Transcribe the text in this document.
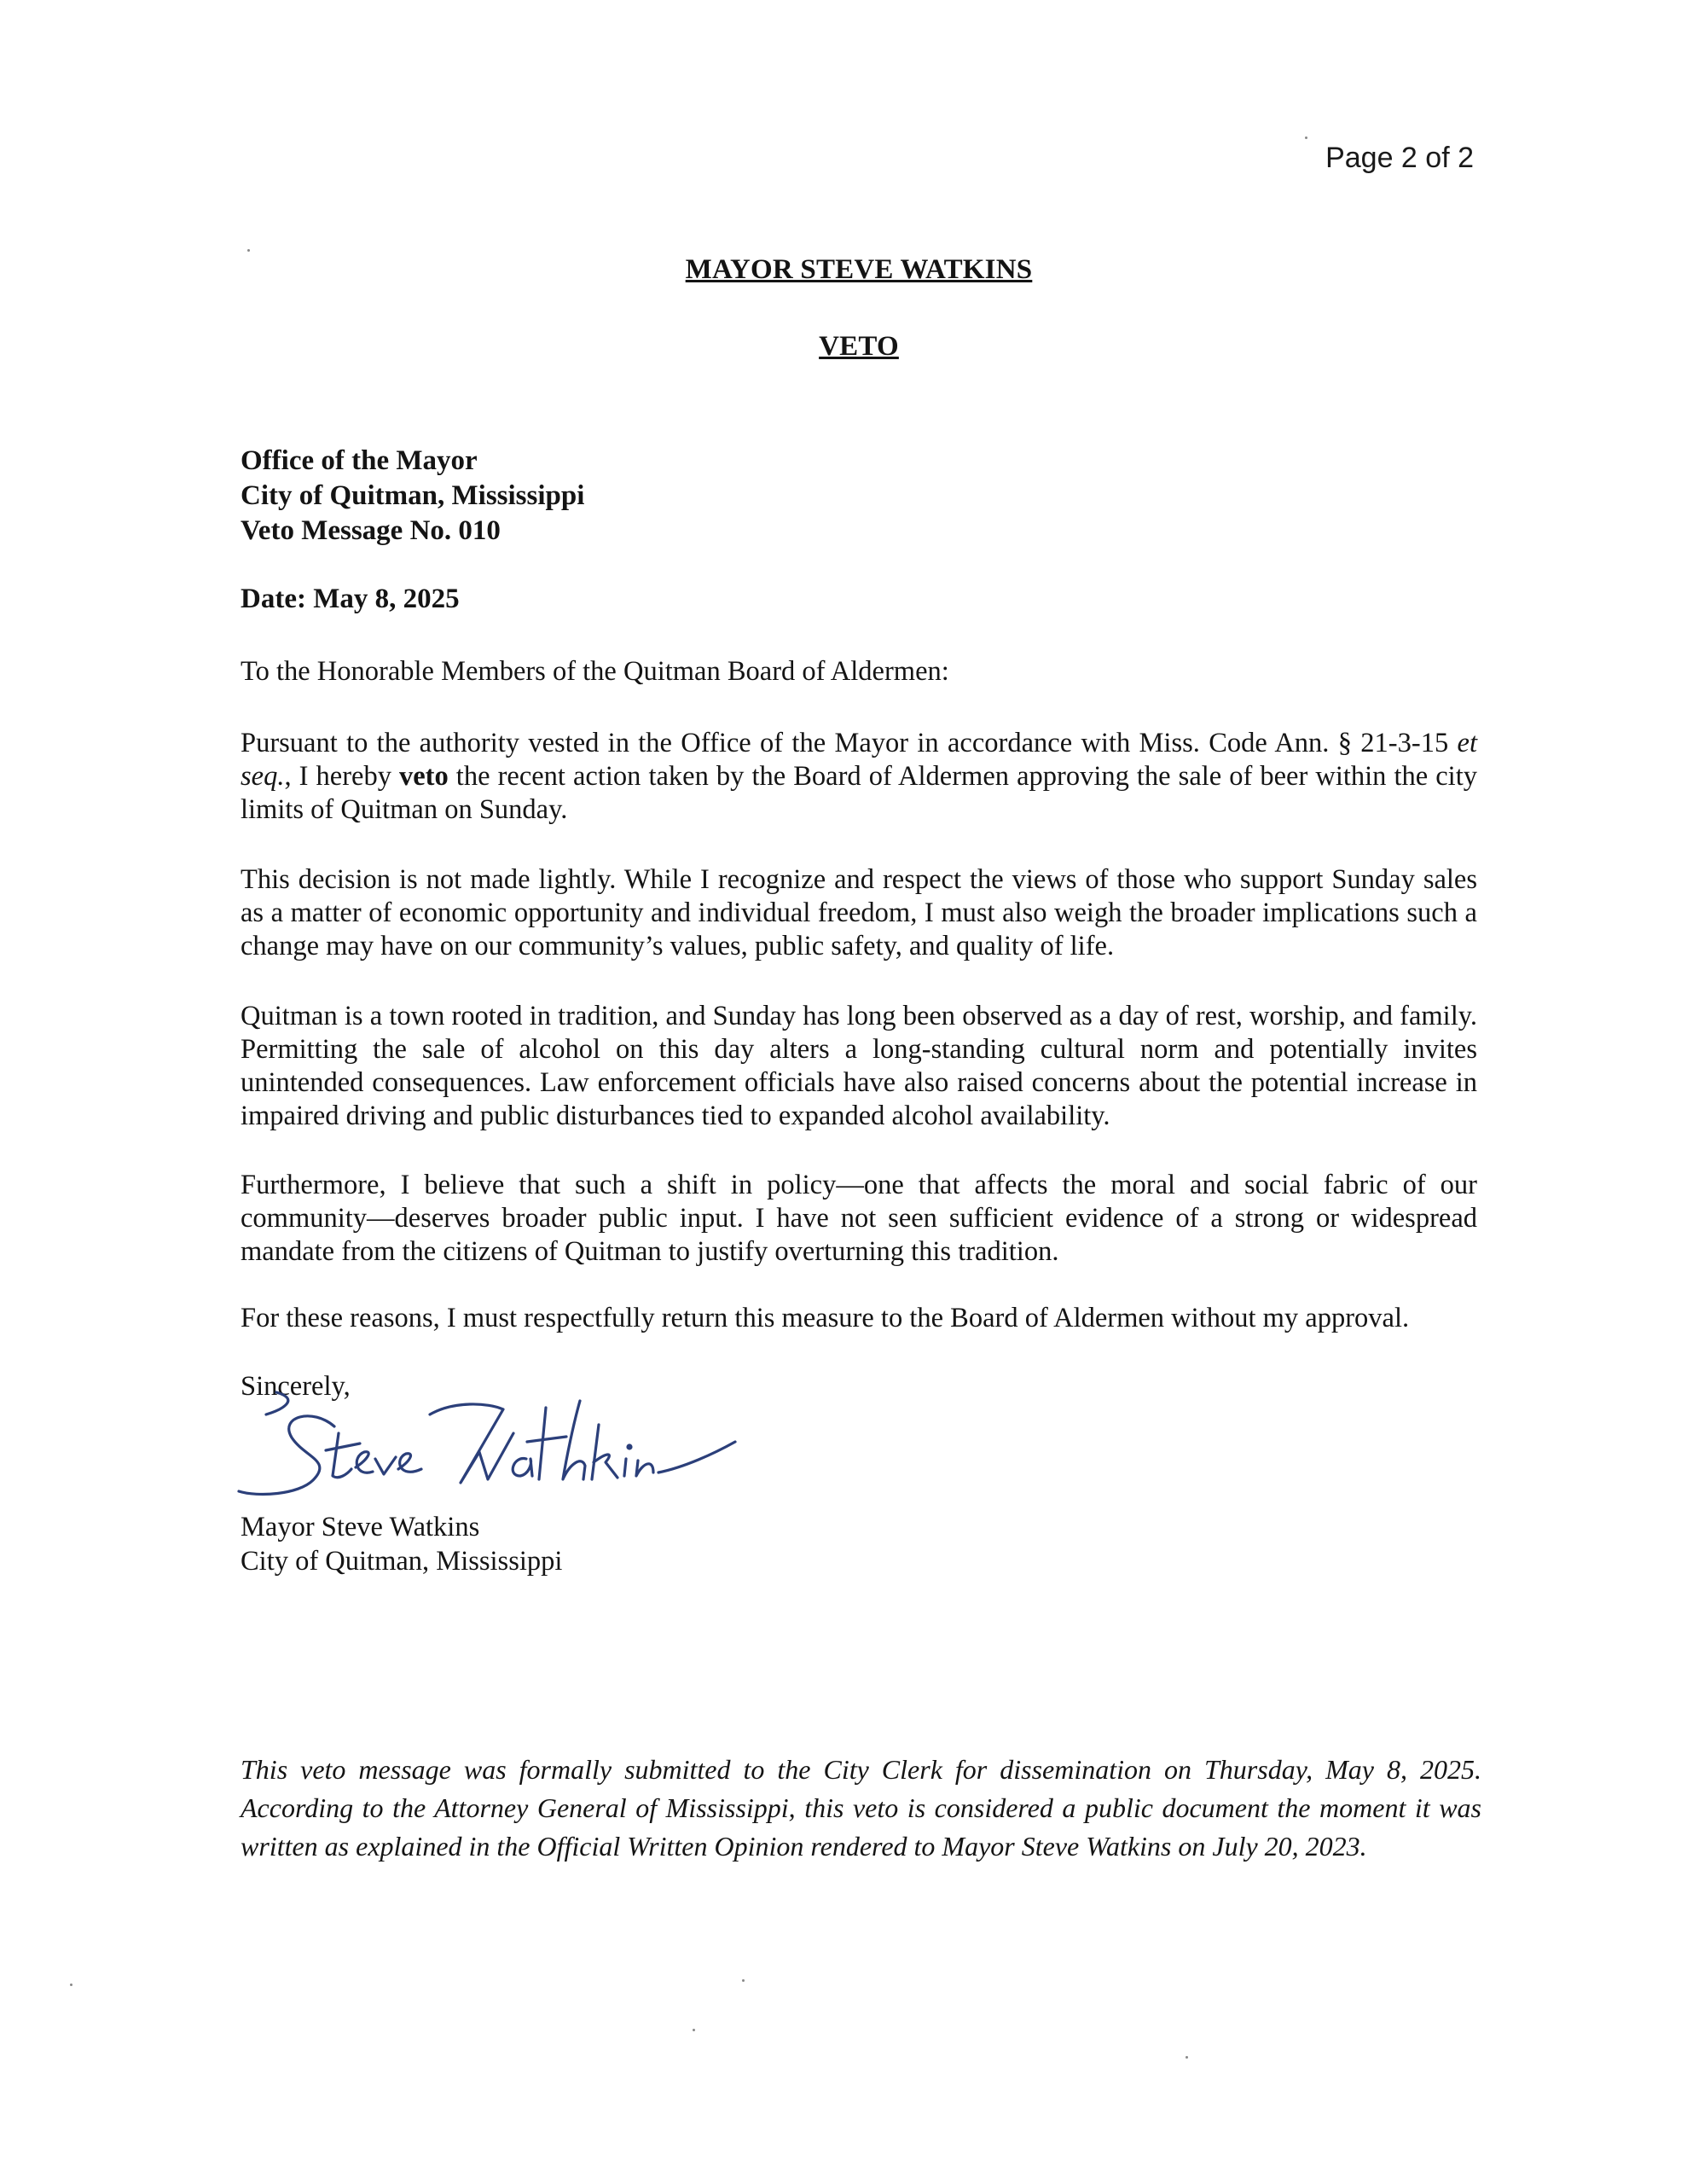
Page 2 of 2
MAYOR STEVE WATKINS
VETO
Office of the Mayor
City of Quitman, Mississippi
Veto Message No. 010
Date: May 8, 2025
To the Honorable Members of the Quitman Board of Aldermen:
Pursuant to the authority vested in the Office of the Mayor in accordance with Miss. Code Ann. § 21-3-15 et seq., I hereby veto the recent action taken by the Board of Aldermen approving the sale of beer within the city limits of Quitman on Sunday.
This decision is not made lightly. While I recognize and respect the views of those who support Sunday sales as a matter of economic opportunity and individual freedom, I must also weigh the broader implications such a change may have on our community’s values, public safety, and quality of life.
Quitman is a town rooted in tradition, and Sunday has long been observed as a day of rest, worship, and family. Permitting the sale of alcohol on this day alters a long-standing cultural norm and potentially invites unintended consequences. Law enforcement officials have also raised concerns about the potential increase in impaired driving and public disturbances tied to expanded alcohol availability.
Furthermore, I believe that such a shift in policy—one that affects the moral and social fabric of our community—deserves broader public input. I have not seen sufficient evidence of a strong or widespread mandate from the citizens of Quitman to justify overturning this tradition.
For these reasons, I must respectfully return this measure to the Board of Aldermen without my approval.
Sincerely,
Mayor Steve Watkins
City of Quitman, Mississippi
This veto message was formally submitted to the City Clerk for dissemination on Thursday, May 8, 2025. According to the Attorney General of Mississippi, this veto is considered a public document the moment it was written as explained in the Official Written Opinion rendered to Mayor Steve Watkins on July 20, 2023.
